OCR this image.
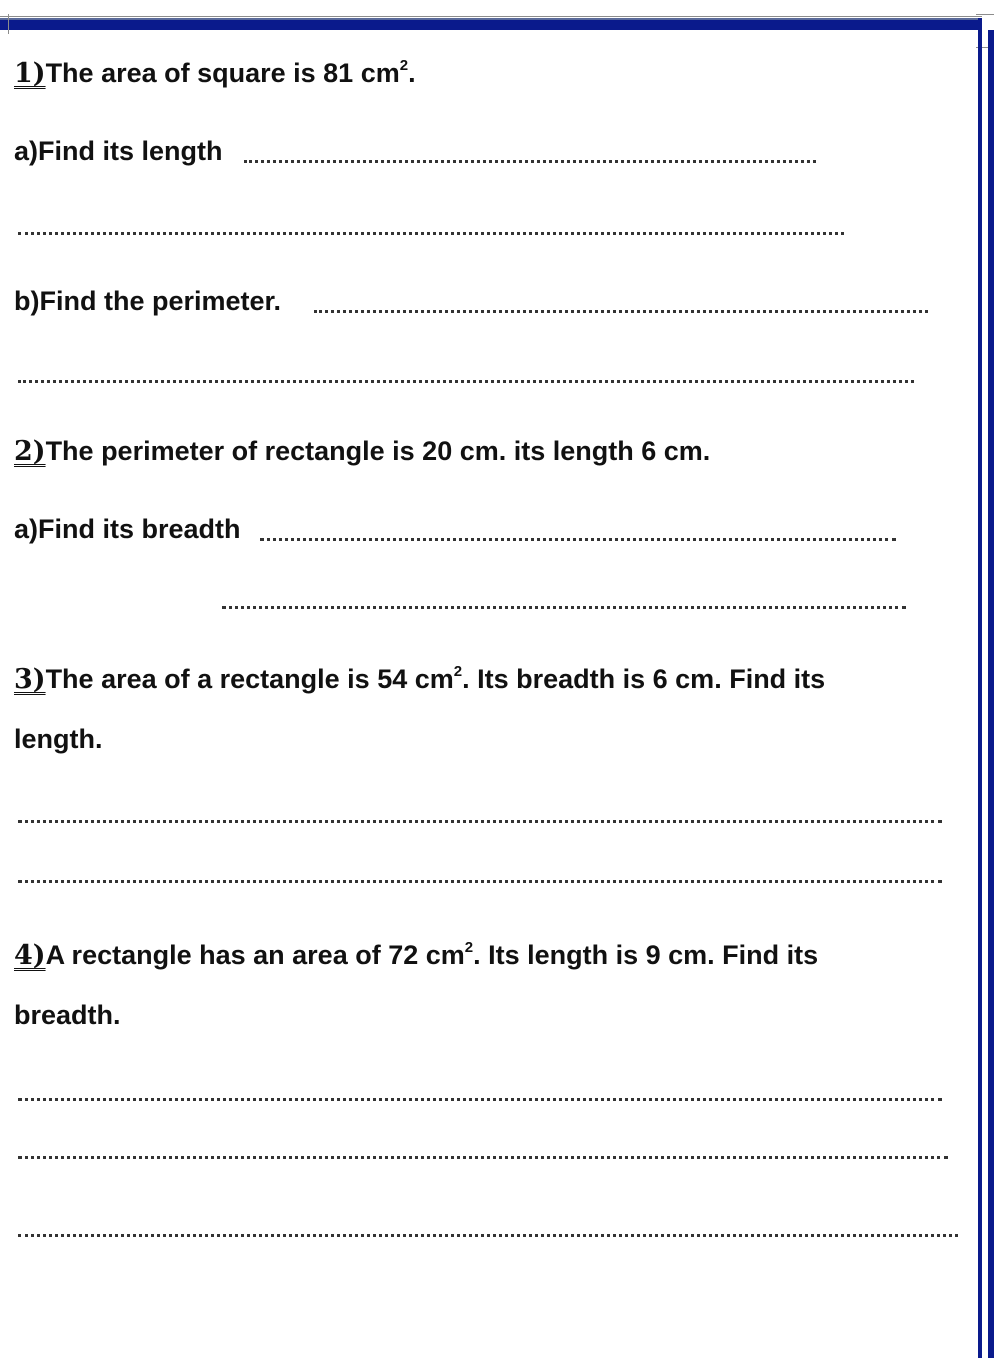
1)The area of square is 81 $cm^2$.
a)Find its length
b)Find the perimeter.
2)The perimeter of rectangle is 20 cm. its length 6 cm.
a)Find its breadth
3)The area of a rectangle is 54 $cm^2$. Its breadth is 6 cm. Find its
length.
4)A rectangle has an area of 72 $cm^2$. Its length is 9 cm. Find its
breadth.
